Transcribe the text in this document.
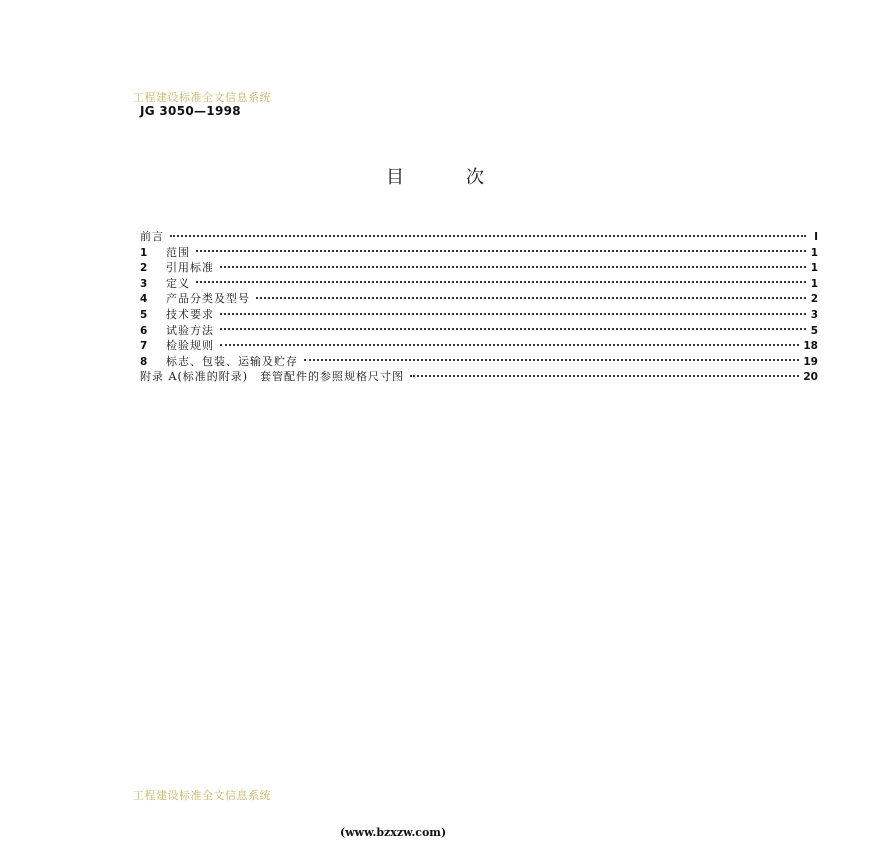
工程建设标准全文信息系统
JG 3050—1998
目	次
前言	I
1	范围	1
2	引用标准	1
3	定义	1
4	产品分类及型号	2
5	技术要求	3
6	试验方法	5
7	检验规则	18
8	标志、包装、运输及贮存	19
附录 A(标准的附录)　套管配件的参照规格尺寸图	20
工程建设标准全文信息系统
(www.bzxzw.com)
